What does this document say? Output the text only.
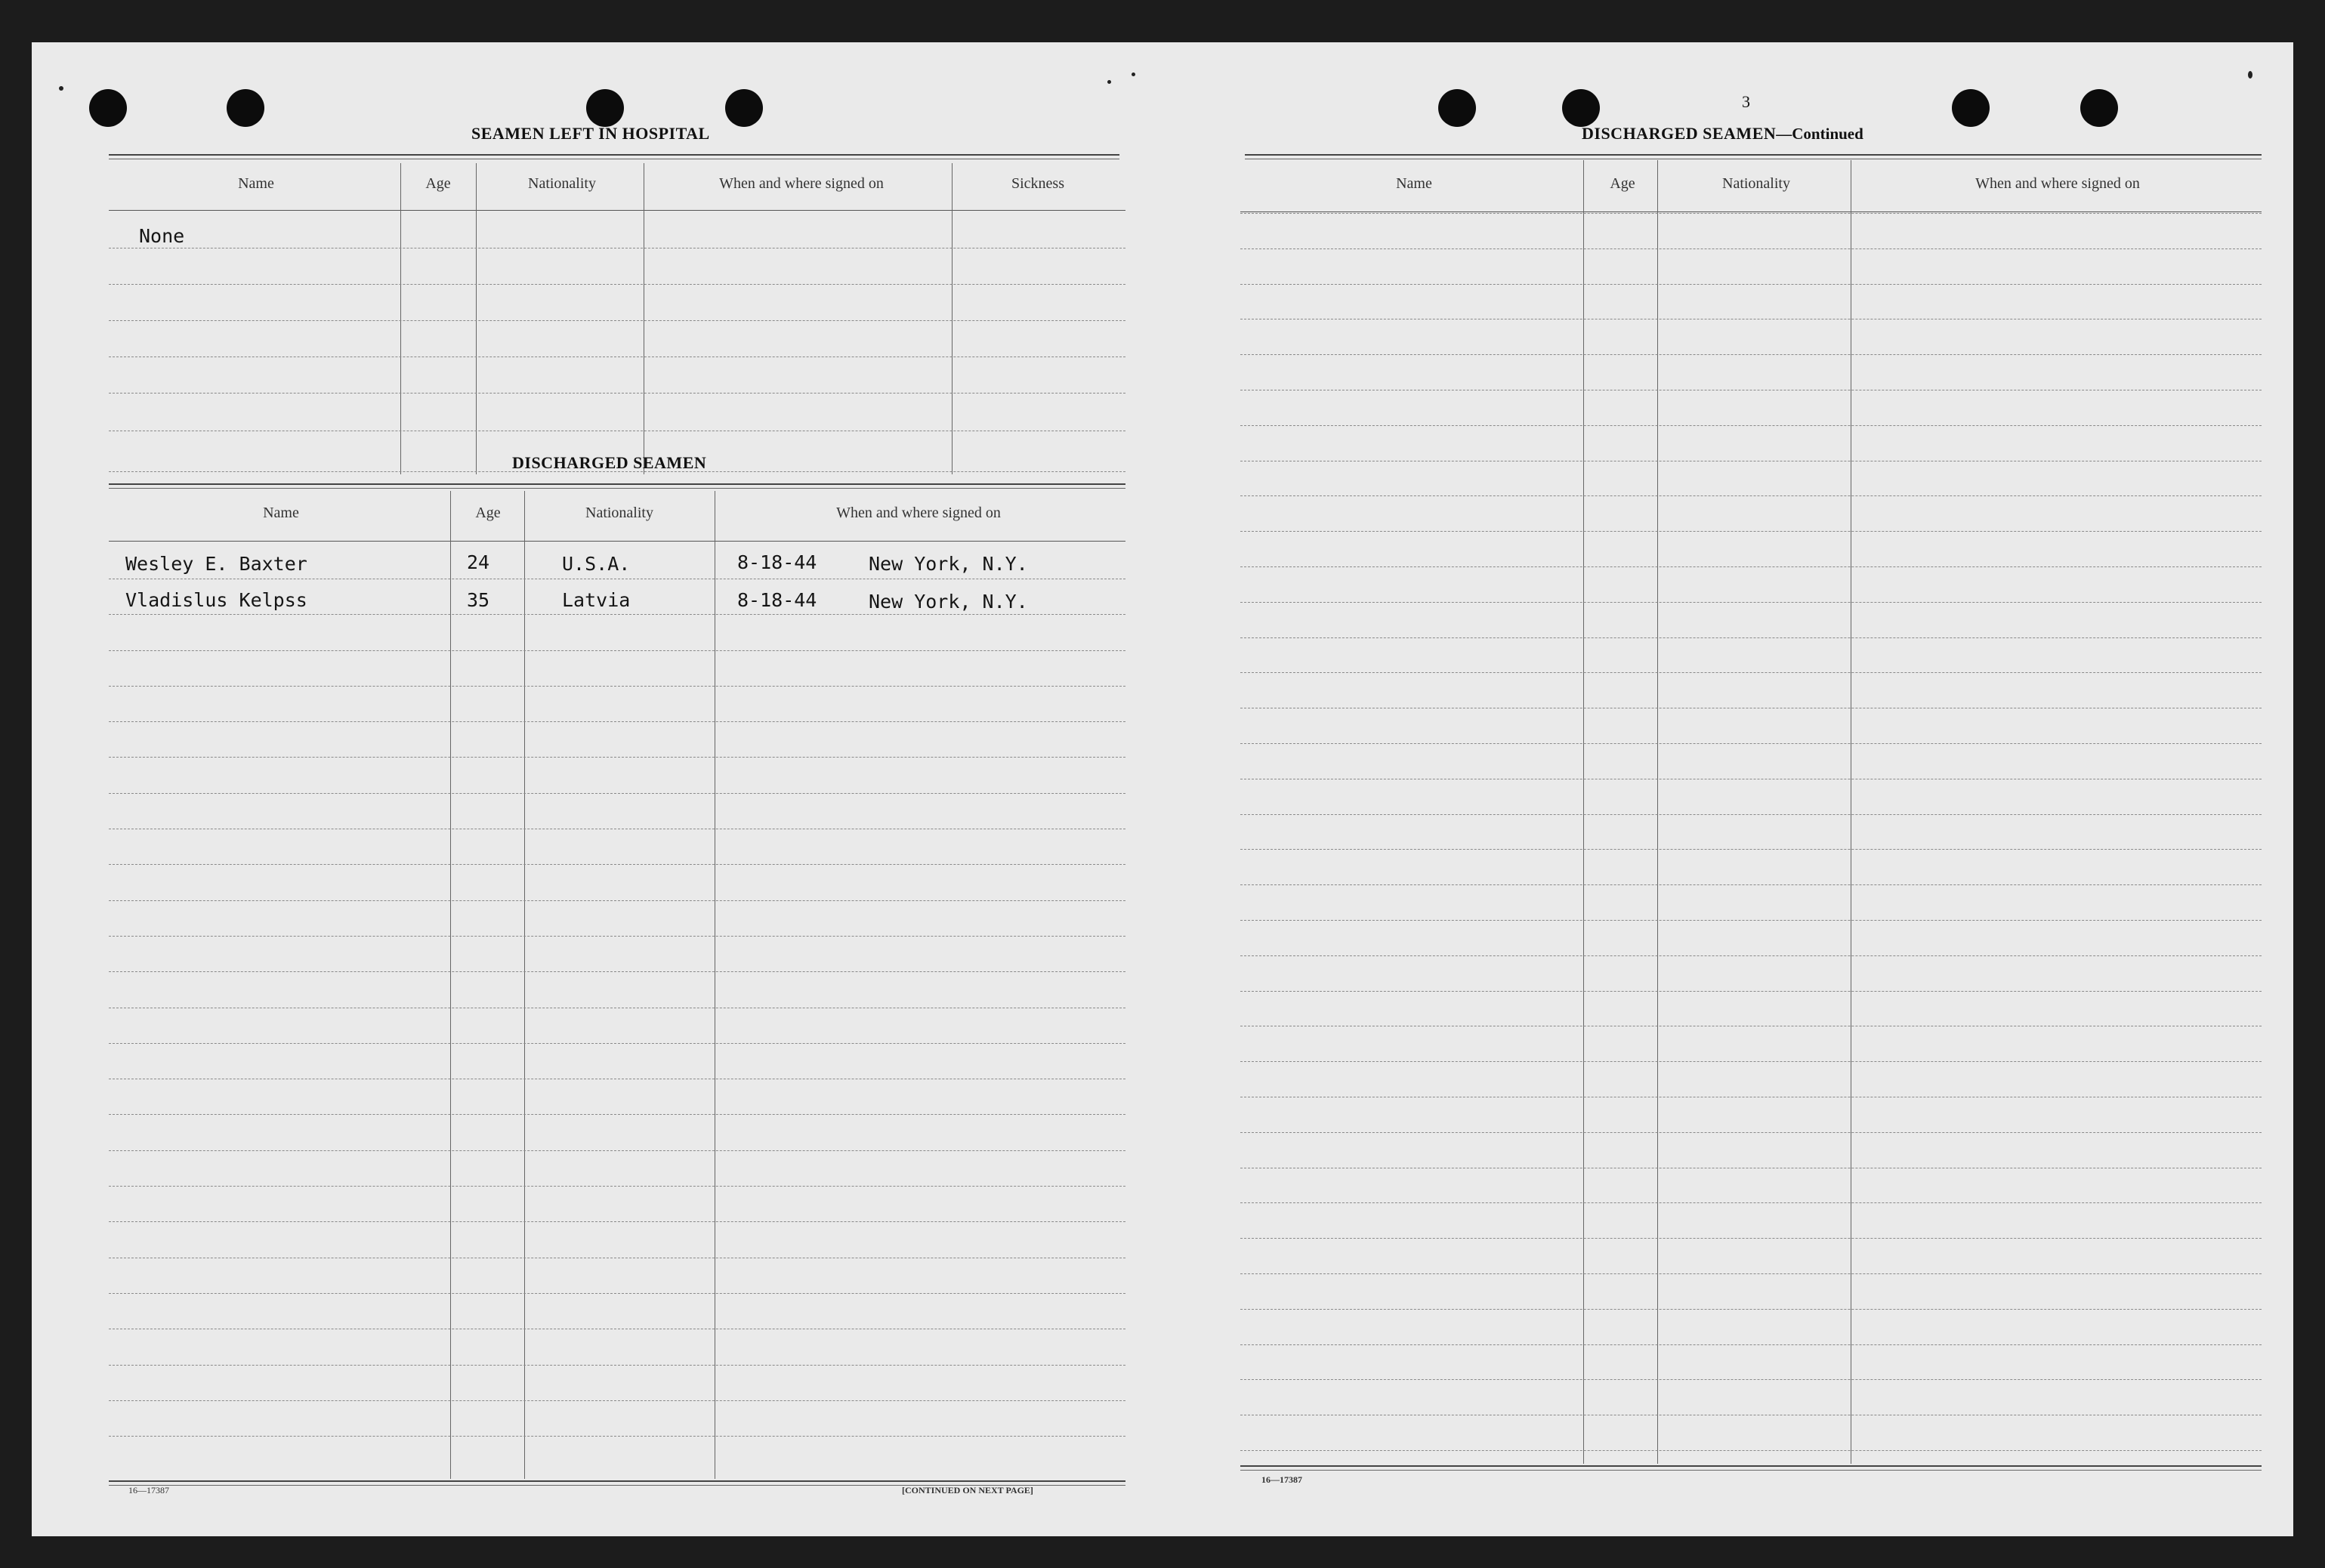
SEAMEN LEFT IN HOSPITAL
Name	Age	Nationality	When and where signed on	Sickness
None
DISCHARGED SEAMEN
Name	Age	Nationality	When and where signed on
Wesley E. Baxter	24	U.S.A.	8-18-44	New York, N.Y.
Vladislus Kelpss	35	Latvia	8-18-44	New York, N.Y.
16—17387	[CONTINUED ON NEXT PAGE]
3
DISCHARGED SEAMEN—Continued
Name	Age	Nationality	When and where signed on
16—17387
